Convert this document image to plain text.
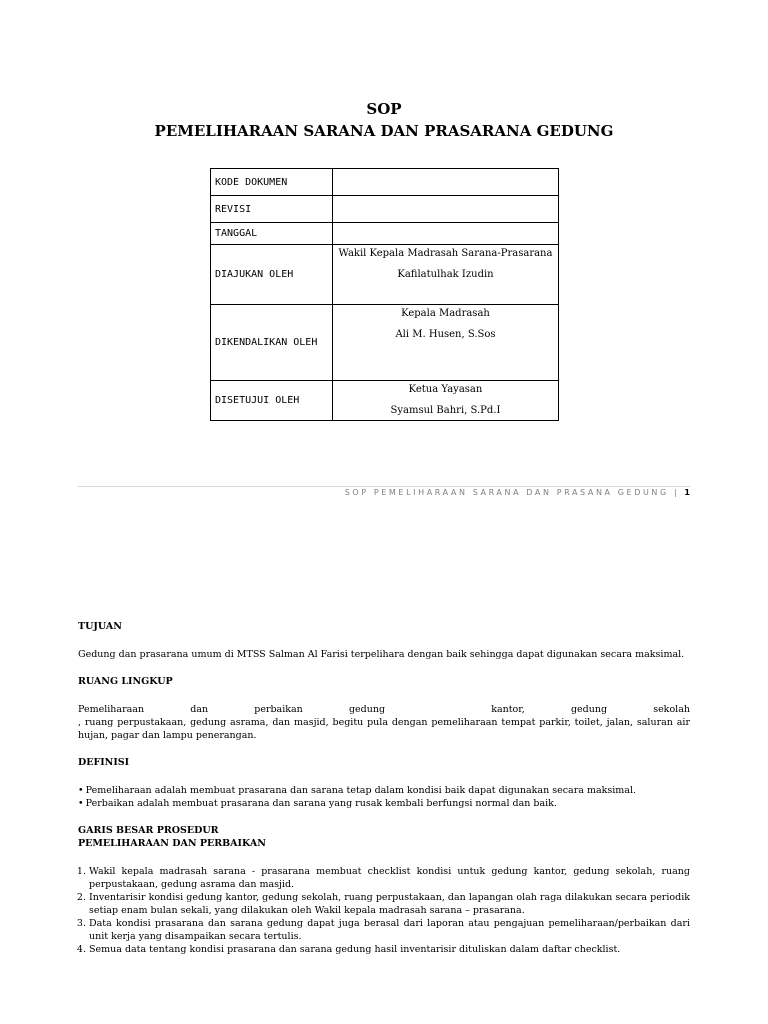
SOP
PEMELIHARAAN SARANA DAN PRASARANA GEDUNG
KODE DOKUMEN	
REVISI	
TANGGAL	
DIAJUKAN OLEH	Wakil Kepala Madrasah Sarana-Prasarana
Kafilatulhak Izudin

DIKENDALIKAN OLEH	Kepala Madrasah
Ali M. Husen, S.Sos

DISETUJUI OLEH	Ketua Yayasan
Syamsul Bahri, S.Pd.I
SOP PEMELIHARAAN SARANA DAN PRASANA GEDUNG | 1

TUJUAN

Gedung dan prasarana umum di MTSS Salman Al Farisi terpelihara dengan baik sehingga dapat digunakan secara maksimal.

RUANG LINGKUP

Pemeliharaan	dan	perbaikan	gedung	kantor,	gedung	sekolah

, ruang perpustakaan, gedung asrama, dan masjid, begitu pula dengan pemeliharaan tempat parkir, toilet, jalan, saluran air hujan, pagar dan lampu penerangan.

DEFINISI

• Pemeliharaan adalah membuat prasarana dan sarana tetap dalam kondisi baik dapat digunakan secara maksimal.
• Perbaikan adalah membuat prasarana dan sarana yang rusak kembali berfungsi normal dan baik.

GARIS BESAR PROSEDUR

PEMELIHARAAN DAN PERBAIKAN

1. Wakil kepala madrasah sarana - prasarana membuat checklist kondisi untuk gedung kantor, gedung sekolah, ruang perpustakaan, gedung asrama dan masjid.
2. Inventarisir kondisi gedung kantor, gedung sekolah, ruang perpustakaan, dan lapangan olah raga dilakukan secara periodik setiap enam bulan sekali, yang dilakukan oleh Wakil kepala madrasah sarana – prasarana.
3. Data kondisi prasarana dan sarana gedung dapat juga berasal dari laporan atau pengajuan pemeliharaan/perbaikan dari unit kerja yang disampaikan secara tertulis.
4. Semua data tentang kondisi prasarana dan sarana gedung hasil inventarisir dituliskan dalam daftar checklist.
